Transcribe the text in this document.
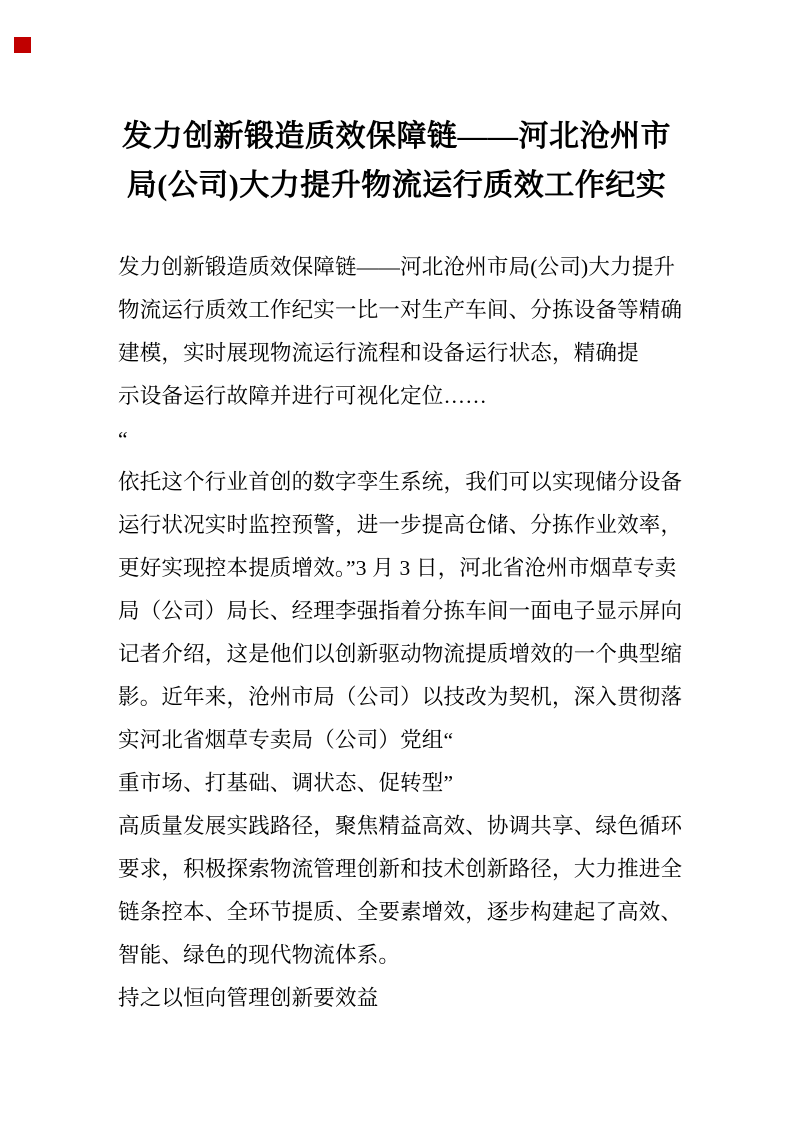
发力创新锻造质效保障链——河北沧州市
局(公司)大力提升物流运行质效工作纪实
发力创新锻造质效保障链——河北沧州市局(公司)大力提升
物流运行质效工作纪实一比一对生产车间、分拣设备等精确
建模，实时展现物流运行流程和设备运行状态，精确提
示设备运行故障并进行可视化定位……
“
依托这个行业首创的数字孪生系统，我们可以实现储分设备
运行状况实时监控预警，进一步提高仓储、分拣作业效率，
更好实现控本提质增效。”3 月 3 日，河北省沧州市烟草专卖
局（公司）局长、经理李强指着分拣车间一面电子显示屏向
记者介绍，这是他们以创新驱动物流提质增效的一个典型缩
影。近年来，沧州市局（公司）以技改为契机，深入贯彻落
实河北省烟草专卖局（公司）党组“
重市场、打基础、调状态、促转型”
高质量发展实践路径，聚焦精益高效、协调共享、绿色循环
要求，积极探索物流管理创新和技术创新路径，大力推进全
链条控本、全环节提质、全要素增效，逐步构建起了高效、
智能、绿色的现代物流体系。
持之以恒向管理创新要效益
